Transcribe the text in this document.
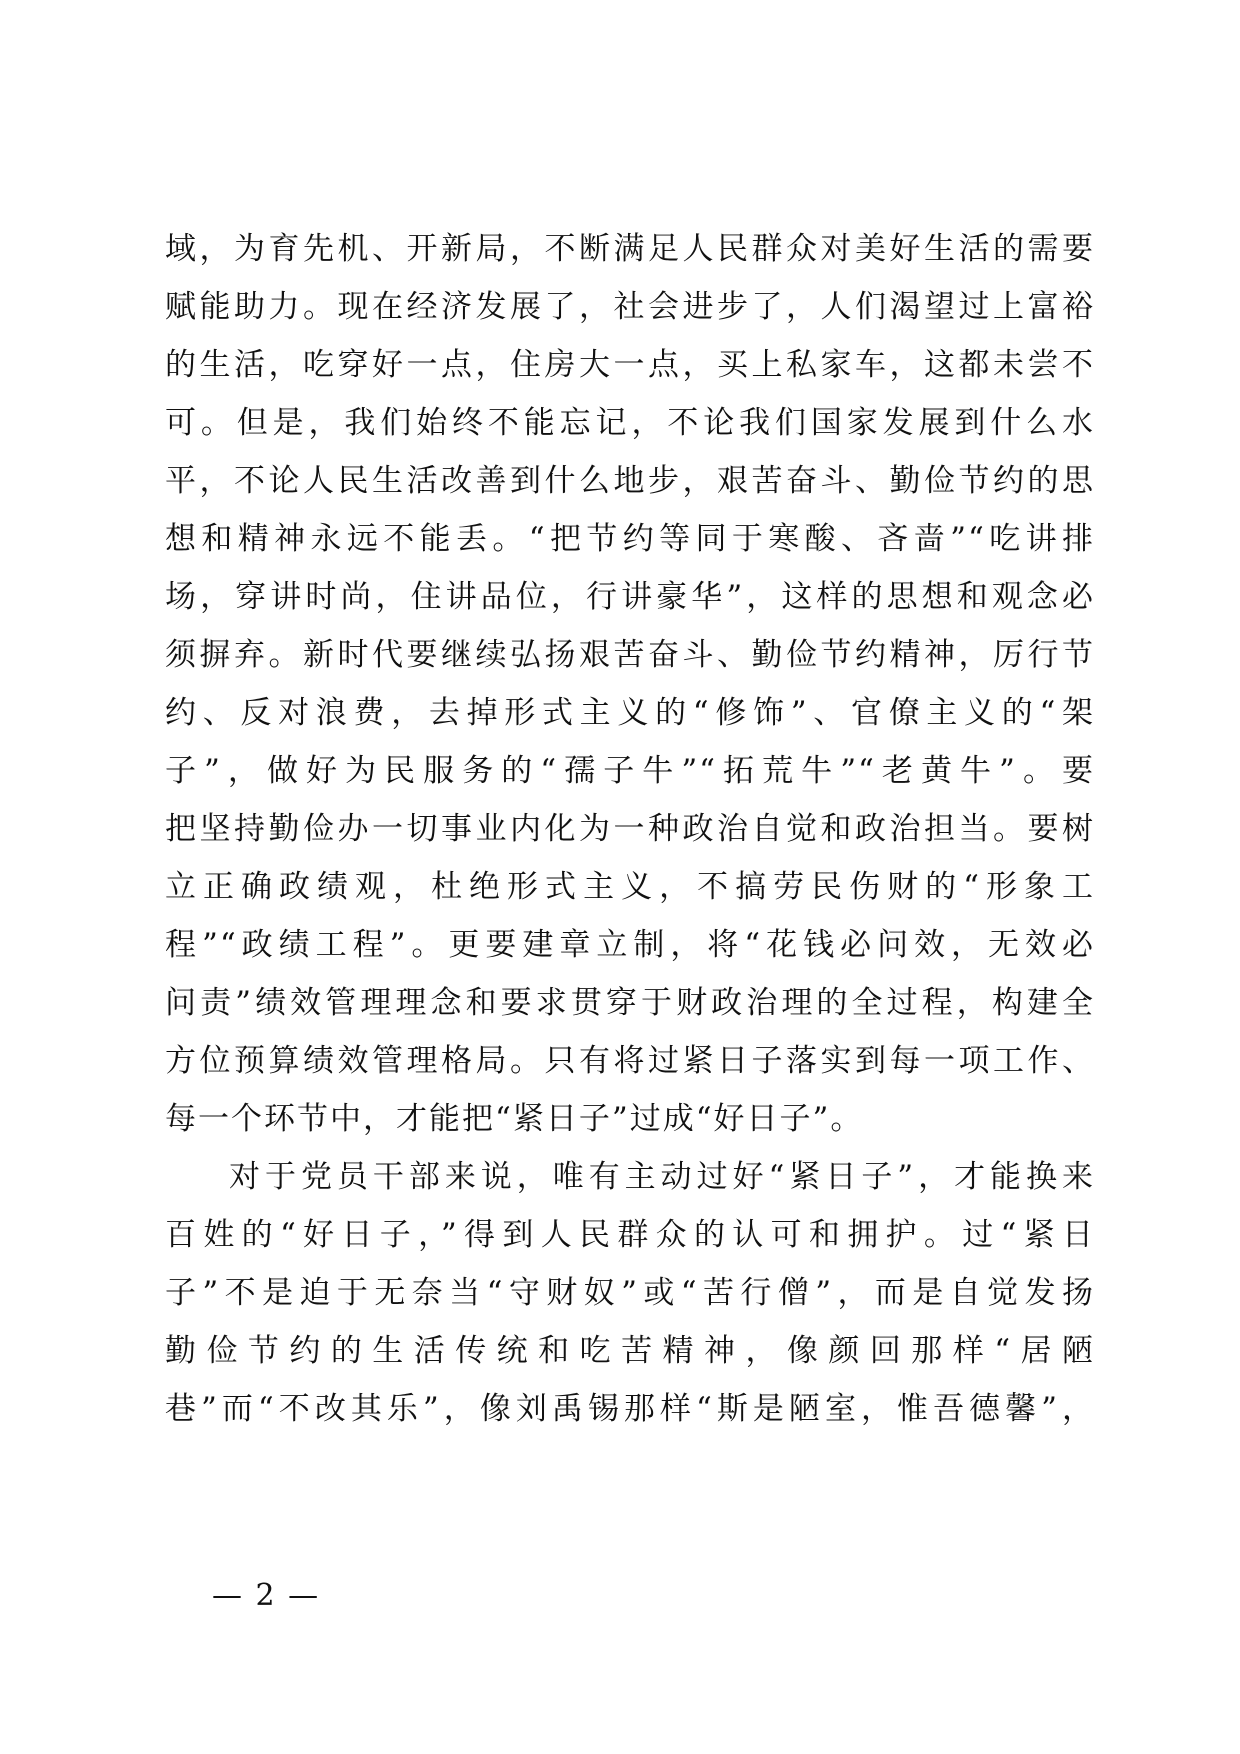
域，为育先机、开新局，不断满足人民群众对美好生活的需要
赋能助力。现在经济发展了，社会进步了，人们渴望过上富裕
的生活，吃穿好一点，住房大一点，买上私家车，这都未尝不
可。但是，我们始终不能忘记，不论我们国家发展到什么水
平，不论人民生活改善到什么地步，艰苦奋斗、勤俭节约的思
想和精神永远不能丢。“把节约等同于寒酸、吝啬”“吃讲排
场，穿讲时尚，住讲品位，行讲豪华”，这样的思想和观念必
须摒弃。新时代要继续弘扬艰苦奋斗、勤俭节约精神，厉行节
约、反对浪费，去掉形式主义的“修饰”、官僚主义的“架
子”，做好为民服务的“孺子牛”“拓荒牛”“老黄牛”。要
把坚持勤俭办一切事业内化为一种政治自觉和政治担当。要树
立正确政绩观，杜绝形式主义，不搞劳民伤财的“形象工
程”“政绩工程”。更要建章立制，将“花钱必问效，无效必
问责”绩效管理理念和要求贯穿于财政治理的全过程，构建全
方位预算绩效管理格局。只有将过紧日子落实到每一项工作、
每一个环节中，才能把“紧日子”过成“好日子”。
对于党员干部来说，唯有主动过好“紧日子”，才能换来
百姓的“好日子，”得到人民群众的认可和拥护。过“紧日
子”不是迫于无奈当“守财奴”或“苦行僧”，而是自觉发扬
勤俭节约的生活传统和吃苦精神，像颜回那样“居陋
巷”而“不改其乐”，像刘禹锡那样“斯是陋室，惟吾德馨”，
— 2 —
